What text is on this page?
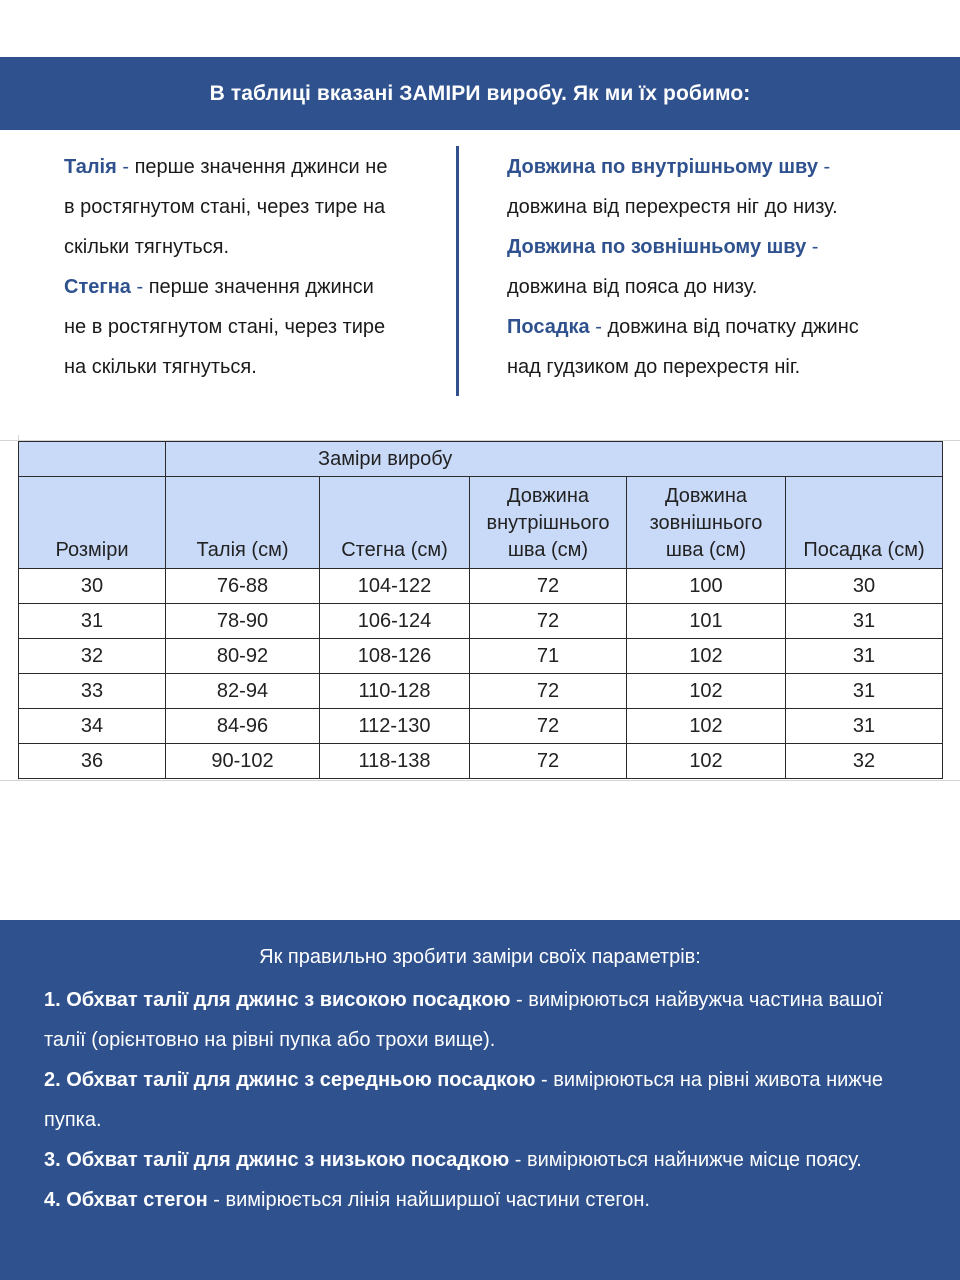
В таблиці вказані ЗАМІРИ виробу. Як ми їх робимо:

Талія - перше значення джинси не
в ростягнутом стані, через тире на
скільки тягнуться.

Стегна - перше значення джинси
не в ростягнутом стані, через тире
на скільки тягнуться.

Довжина по внутрішньому шву -
довжина від перехрестя ніг до низу.

Довжина по зовнішньому шву -
довжина від пояса до низу.

Посадка - довжина від початку джинс
над гудзиком до перехрестя ніг.

	Заміри виробу				
Розміри	Талія (см)	Стегна (см)	Довжина
внутрішнього
шва (см)	Довжина
зовнішнього
шва (см)	Посадка (см)
30	76-88	104-122	72	100	30
31	78-90	106-124	72	101	31
32	80-92	108-126	71	102	31
33	82-94	110-128	72	102	31
34	84-96	112-130	72	102	31
36	90-102	118-138	72	102	32
Як правильно зробити заміри своїх параметрів:

1. Обхват талії для джинс з високою посадкою - вимірюються найвужча частина вашої талії (орієнтовно на рівні пупка або трохи вище).

2. Обхват талії для джинс з середньою посадкою - вимірюються на рівні живота нижче пупка.

3. Обхват талії для джинс з низькою посадкою - вимірюються найнижче місце поясу.

4. Обхват стегон - вимірюється лінія найширшої частини стегон.
